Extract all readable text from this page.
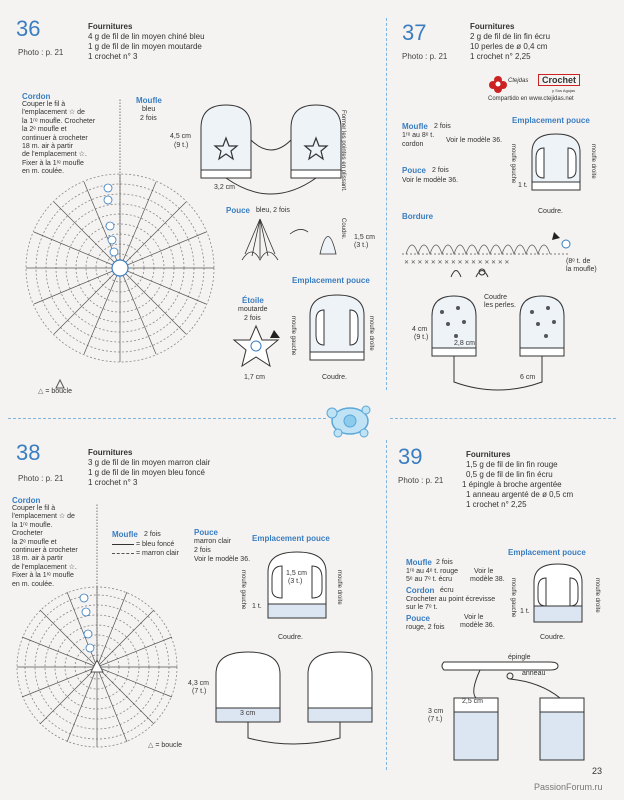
36
Photo : p. 21
Fournitures
4 g de fil de lin moyen chiné bleu
1 g de fil de lin moyen moutarde
1 crochet n° 3
Cordon
Couper le fil à
l'emplacement ☆ de
la 1ʳᵉ moufle. Crocheter
la 2ᵉ moufle et
continuer à crocheter
18 m. air à partir
de l'emplacement ☆.
Fixer à la 1ʳᵉ moufle
en m. coulée.
△ = boucle
Moufle
bleu
2 fois
4,5 cm
(9 t.)
3,2 cm	Former les pointes en plissant.
Pouce bleu, 2 fois
Coudre. 1,5 cm
(3 t.)
Étoile
moutarde
2 fois
1,7 cm
Emplacement pouce
moufle gauche	moufle droite
Coudre.
37
Photo : p. 21
Fournitures
2 g de fil de lin fin écru
10 perles de ø 0,4 cm
1 crochet n° 2,25
Ctejdas	Crochet
y Sus Agujas
Compartido en www.ctejidas.net
Moufle 2 fois
1ʳᵉ au 8ᵉ t.
cordon
Voir le modèle 36.
Pouce 2 fois
Voir le modèle 36.
Emplacement pouce
moufle gauche	moufle droite
1 t.
Coudre.
Bordure
✕ ✕ ✕ ✕ ✕ ✕ ✕ ✕ ✕ ✕ ✕ ✕ ✕ ✕ ✕ ✕	(8ᵉ t. de
la moufle)
Coudre
les perles.
4 cm
(9 t.)
2,8 cm
6 cm
38
Photo : p. 21
Fournitures
3 g de fil de lin moyen marron clair
1 g de fil de lin moyen bleu foncé
1 crochet n° 3
Cordon
Couper le fil à
l'emplacement ☆ de
la 1ʳᵉ moufle.
Crocheter
la 2ᵉ moufle et
continuer à crocheter
18 m. air à partir
de l'emplacement ☆.
Fixer à la 1ʳᵉ moufle
en m. coulée.
△ = boucle
Moufle 2 fois
= bleu foncé
= marron clair
Pouce
marron clair
2 fois
Voir le modèle 36.
Emplacement pouce
moufle gauche	moufle droite
1,5 cm
(3 t.)
1 t.
Coudre.
4,3 cm
(7 t.)
3 cm
39
Photo : p. 21
Fournitures
1,5 g de fil de lin fin rouge
0,5 g de fil de lin fin écru
1 épingle à broche argentée
1 anneau argenté de ø 0,5 cm
1 crochet n° 2,25
Emplacement pouce
moufle gauche	moufle droite
1 t.
Coudre.
Moufle 2 fois
1ʳᵉ au 4ᵉ t. rouge
5ᵉ au 7ᵉ t. écru
Voir le
modèle 38.
Cordon écru
Crocheter au point écrevisse
sur le 7ᵉ t.
Pouce
rouge, 2 fois
Voir le
modèle 36.
épingle
anneau
3 cm
(7 t.)
2,5 cm
23
PassionForum.ru
